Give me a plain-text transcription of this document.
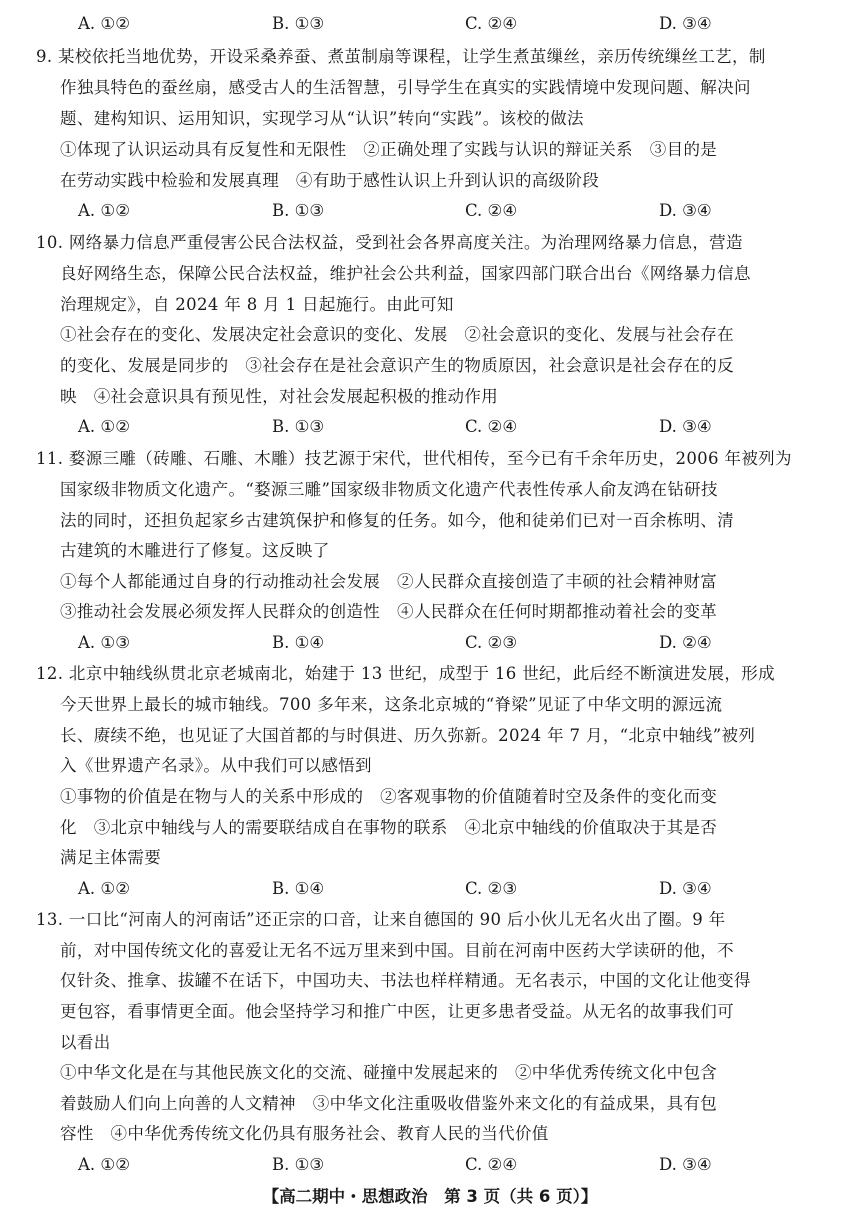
A. ①②	B. ①③	C. ②④	D. ③④
9. 某校依托当地优势，开设采桑养蚕、煮茧制扇等课程，让学生煮茧缫丝，亲历传统缫丝工艺，制
作独具特色的蚕丝扇，感受古人的生活智慧，引导学生在真实的实践情境中发现问题、解决问
题、建构知识、运用知识，实现学习从“认识”转向“实践”。该校的做法
①体现了认识运动具有反复性和无限性　②正确处理了实践与认识的辩证关系　③目的是
在劳动实践中检验和发展真理　④有助于感性认识上升到认识的高级阶段
A. ①②	B. ①③	C. ②④	D. ③④
10. 网络暴力信息严重侵害公民合法权益，受到社会各界高度关注。为治理网络暴力信息，营造
良好网络生态，保障公民合法权益，维护社会公共利益，国家四部门联合出台《网络暴力信息
治理规定》，自 2024 年 8 月 1 日起施行。由此可知
①社会存在的变化、发展决定社会意识的变化、发展　②社会意识的变化、发展与社会存在
的变化、发展是同步的　③社会存在是社会意识产生的物质原因，社会意识是社会存在的反
映　④社会意识具有预见性，对社会发展起积极的推动作用
A. ①②	B. ①③	C. ②④	D. ③④
11. 婺源三雕（砖雕、石雕、木雕）技艺源于宋代，世代相传，至今已有千余年历史，2006 年被列为
国家级非物质文化遗产。“婺源三雕”国家级非物质文化遗产代表性传承人俞友鸿在钻研技
法的同时，还担负起家乡古建筑保护和修复的任务。如今，他和徒弟们已对一百余栋明、清
古建筑的木雕进行了修复。这反映了
①每个人都能通过自身的行动推动社会发展　②人民群众直接创造了丰硕的社会精神财富
③推动社会发展必须发挥人民群众的创造性　④人民群众在任何时期都推动着社会的变革
A. ①③	B. ①④	C. ②③	D. ②④
12. 北京中轴线纵贯北京老城南北，始建于 13 世纪，成型于 16 世纪，此后经不断演进发展，形成
今天世界上最长的城市轴线。700 多年来，这条北京城的“脊梁”见证了中华文明的源远流
长、赓续不绝，也见证了大国首都的与时俱进、历久弥新。2024 年 7 月，“北京中轴线”被列
入《世界遗产名录》。从中我们可以感悟到
①事物的价值是在物与人的关系中形成的　②客观事物的价值随着时空及条件的变化而变
化　③北京中轴线与人的需要联结成自在事物的联系　④北京中轴线的价值取决于其是否
满足主体需要
A. ①②	B. ①④	C. ②③	D. ③④
13. 一口比“河南人的河南话”还正宗的口音，让来自德国的 90 后小伙儿无名火出了圈。9 年
前，对中国传统文化的喜爱让无名不远万里来到中国。目前在河南中医药大学读研的他，不
仅针灸、推拿、拔罐不在话下，中国功夫、书法也样样精通。无名表示，中国的文化让他变得
更包容，看事情更全面。他会坚持学习和推广中医，让更多患者受益。从无名的故事我们可
以看出
①中华文化是在与其他民族文化的交流、碰撞中发展起来的　②中华优秀传统文化中包含
着鼓励人们向上向善的人文精神　③中华文化注重吸收借鉴外来文化的有益成果，具有包
容性　④中华优秀传统文化仍具有服务社会、教育人民的当代价值
A. ①②	B. ①③	C. ②④	D. ③④
【高二期中・思想政治　第 3 页（共 6 页）】
